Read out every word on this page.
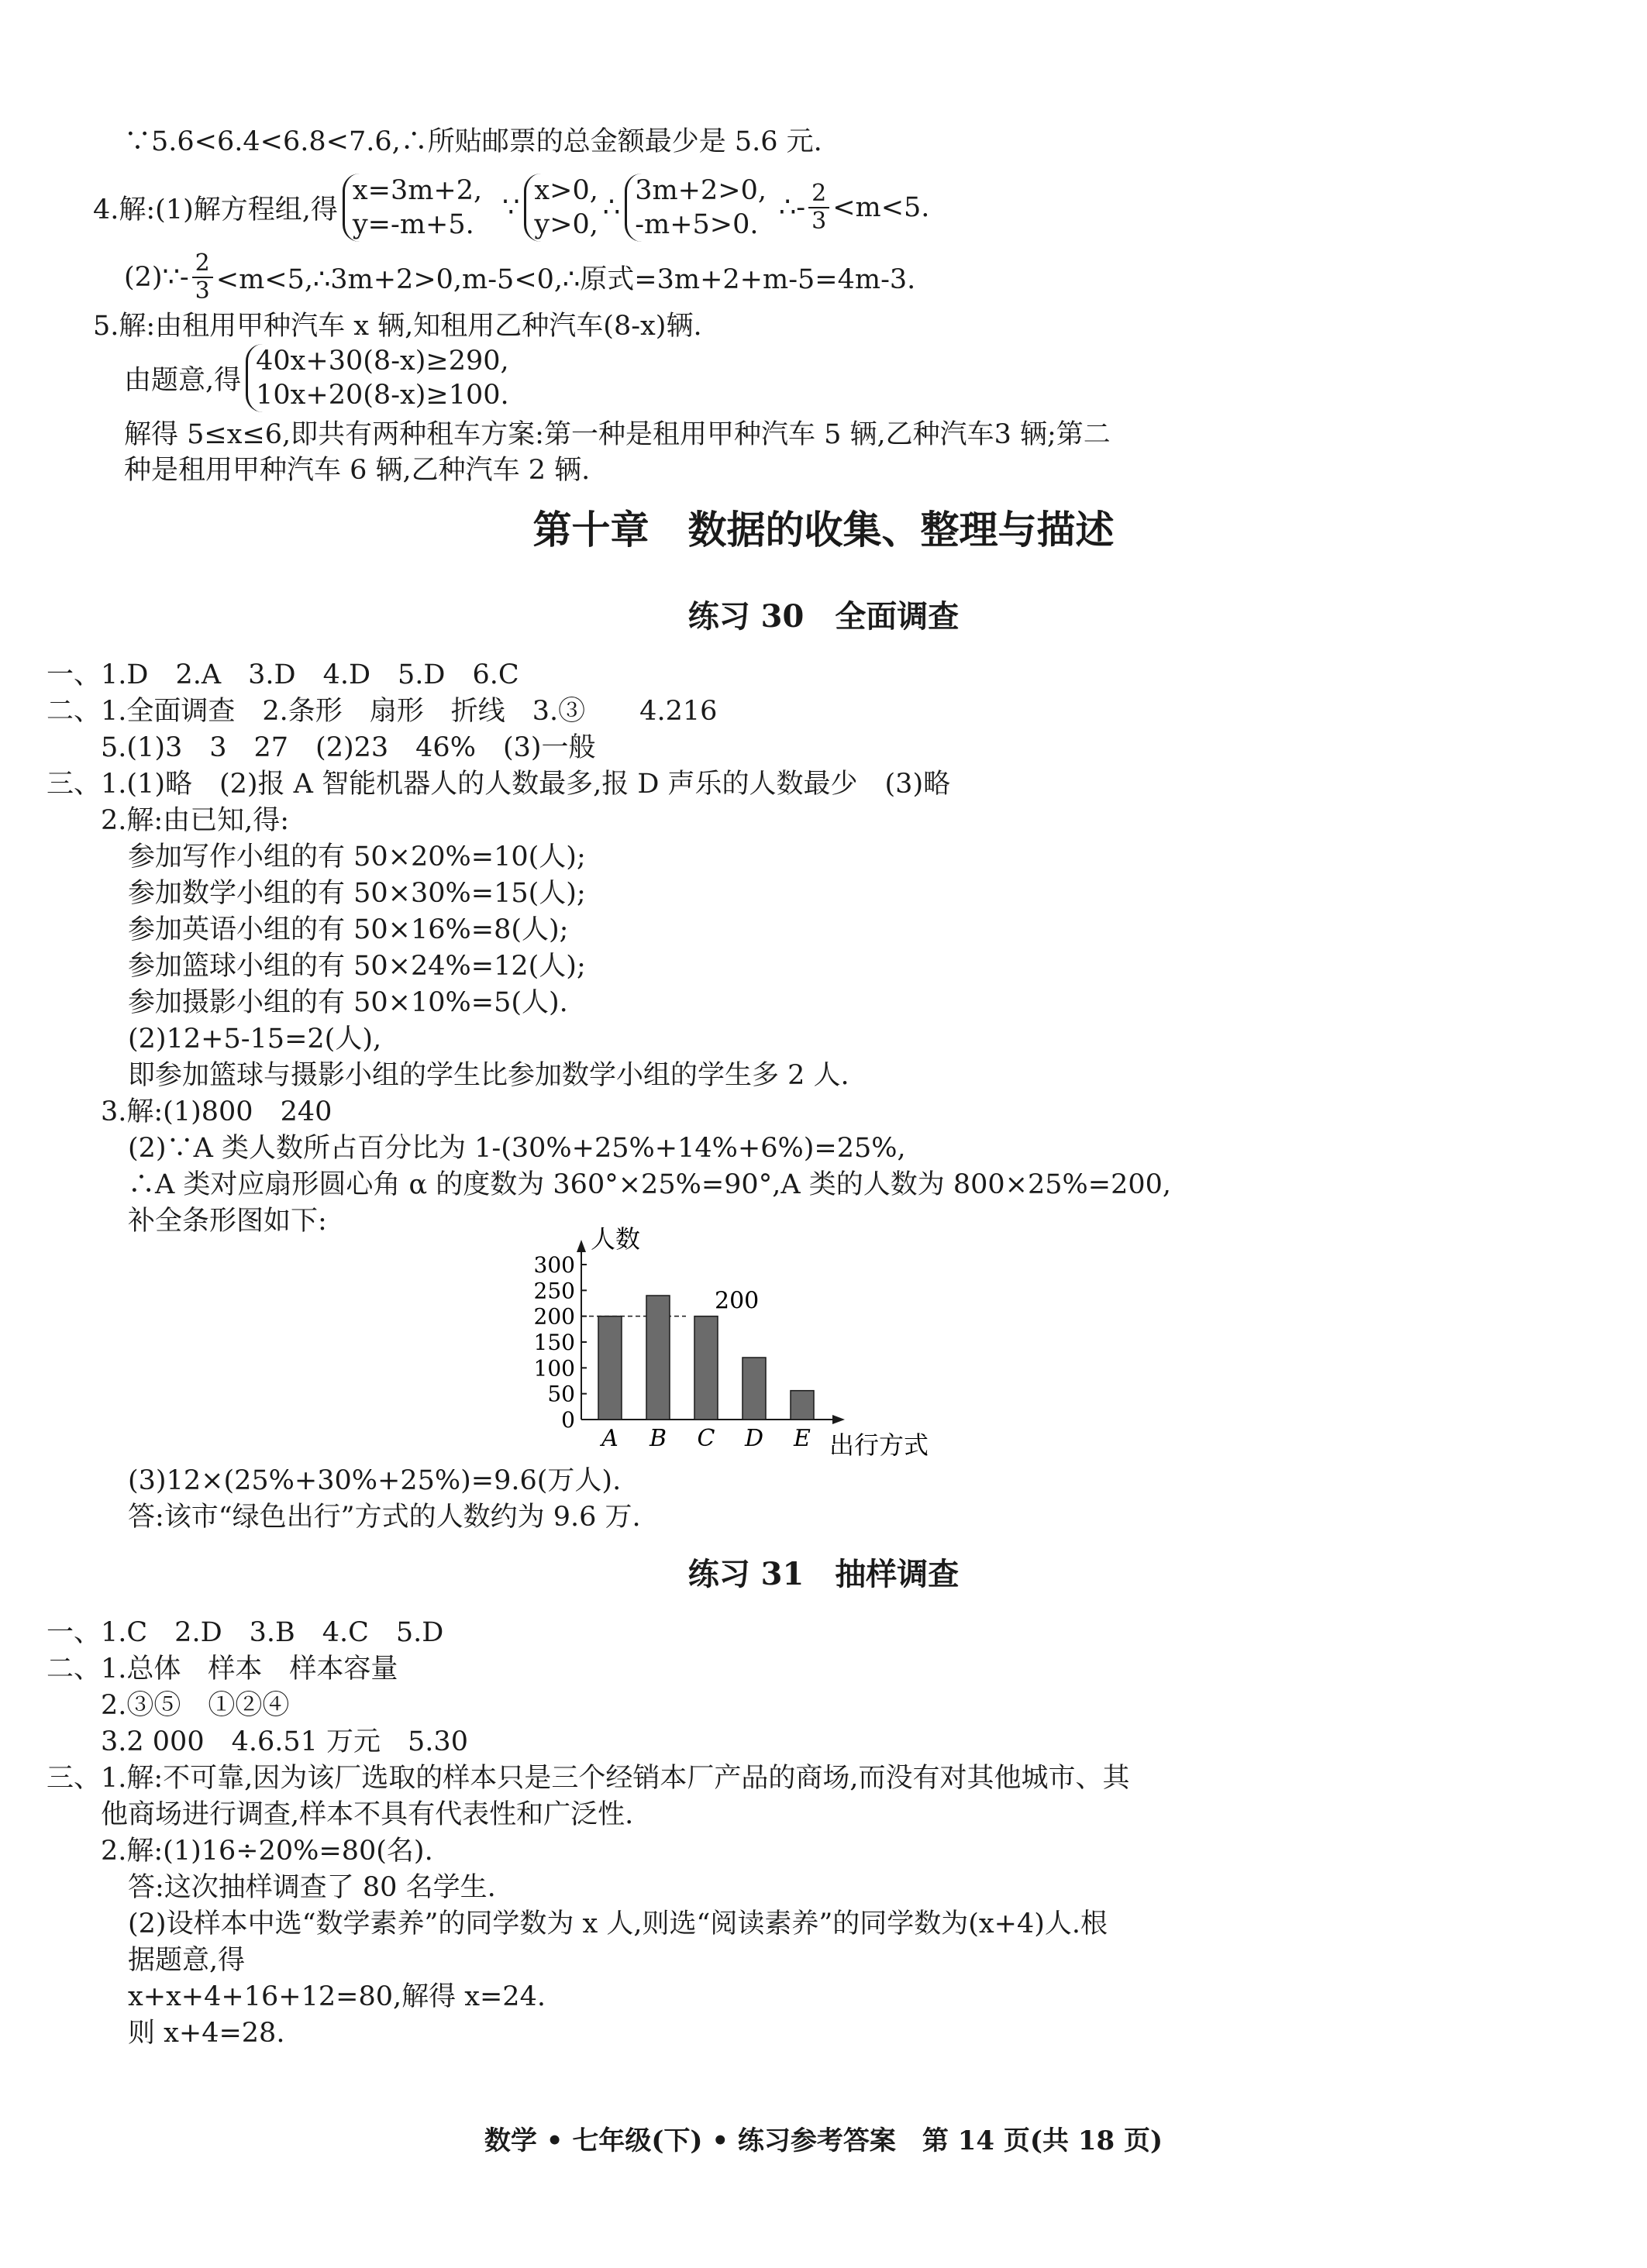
∵5.6<6.4<6.8<7.6,∴所贴邮票的总金额最少是 5.6 元.
4.解:(1)解方程组,得
x=3m+2,
y=-m+5.
∵
x>0,
y>0,
∴
3m+2>0,
-m+5>0.
∴- $\frac{2}{3} <m<5$.
(2)∵- $\frac{2}{3}$ <m<5,∴3m+2>0,m-5<0,∴原式=3m+2+m-5=4m-3.
5.解:由租用甲种汽车 x 辆,知租用乙种汽车(8-x)辆.
由题意,得
40x+30(8-x)≥290,
10x+20(8-x)≥100.
解得 5≤x≤6,即共有两种租车方案:第一种是租用甲种汽车 5 辆,乙种汽车3 辆;第二
种是租用甲种汽车 6 辆,乙种汽车 2 辆.
第十章　数据的收集、整理与描述
练习 30　全面调查
一、1.D　2.A　3.D　4.D　5.D　6.C
二、1.全面调查　2.条形　扇形　折线　3.③　　4.216
　　5.(1)3　3　27　(2)23　46%　(3)一般
三、1.(1)略　(2)报 A 智能机器人的人数最多,报 D 声乐的人数最少　(3)略
　　2.解:由已知,得:
　　　参加写作小组的有 50×20%=10(人);
　　　参加数学小组的有 50×30%=15(人);
　　　参加英语小组的有 50×16%=8(人);
　　　参加篮球小组的有 50×24%=12(人);
　　　参加摄影小组的有 50×10%=5(人).
　　　(2)12+5-15=2(人),
　　　即参加篮球与摄影小组的学生比参加数学小组的学生多 2 人.
　　3.解:(1)800　240
　　　(2)∵A 类人数所占百分比为 1-(30%+25%+14%+6%)=25%,
　　　∴A 类对应扇形圆心角 α 的度数为 360°×25%=90°,A 类的人数为 800×25%=200,
　　　补全条形图如下:
300
250
200
150
100
50
0
A B C D E
200
人数
出行方式
　　　(3)12×(25%+30%+25%)=9.6(万人).
　　　答:该市“绿色出行”方式的人数约为 9.6 万.
练习 31　抽样调查
一、1.C　2.D　3.B　4.C　5.D
二、1.总体　样本　样本容量
　　2.③⑤　①②④
　　3.2 000　4.6.51 万元　5.30
三、1.解:不可靠,因为该厂选取的样本只是三个经销本厂产品的商场,而没有对其他城市、其
　　他商场进行调查,样本不具有代表性和广泛性.
　　2.解:(1)16÷20%=80(名).
　　　答:这次抽样调查了 80 名学生.
　　　(2)设样本中选“数学素养”的同学数为 x 人,则选“阅读素养”的同学数为(x+4)人.根
　　　据题意,得
　　　x+x+4+16+12=80,解得 x=24.
　　　则 x+4=28.
数学 • 七年级(下) • 练习参考答案　第 14 页(共 18 页)
